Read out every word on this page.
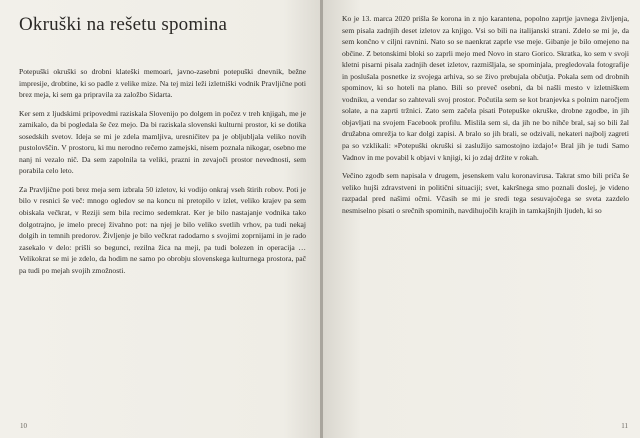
Okruški na rešetu spomina

Potepuški okruški so drobni klateški memoari, javno-zasebni potepuški dnevnik, bežne impresije, drobtine, ki so padle z velike mize. Na tej mizi leži izletniški vodnik Pravljične poti brez meja, ki sem ga pripravila za založbo Sidarta.

Ker sem z ljudskimi pripovedmi raziskala Slovenijo po dolgem in počez v treh knjigah, me je zamikalo, da bi pogledala še čez mejo. Da bi raziskala slovenski kulturni prostor, ki se dotika sosedskih svetov. Ideja se mi je zdela mamljiva, uresničitev pa je obljubljala veliko novih pustolovščin. V prostoru, ki mu nerodno rečemo zamejski, nisem poznala nikogar, osebno me nanj ni vezalo nič. Da sem zapolnila ta veliki, prazni in zevajoči prostor nevednosti, sem porabila celo leto.

Za Pravljične poti brez meja sem izbrala 50 izletov, ki vodijo onkraj vseh štirih robov. Poti je bilo v resnici še več: mnogo ogledov se na koncu ni pretopilo v izlet, veliko krajev pa sem obiskala večkrat, v Reziji sem bila recimo sedemkrat. Ker je bilo nastajanje vodnika tako dolgotrajno, je imelo precej živahno pot: na njej je bilo veliko svetlih vrhov, pa tudi nekaj dolgih in temnih predorov. Življenje je bilo večkrat radodarno s svojimi zoprnijami in je rado zasekalo v delo: prišli so begunci, rezilna žica na meji, pa tudi bolezen in operacija … Velikokrat se mi je zdelo, da hodim ne samo po obrobju slovenskega kulturnega prostora, pač pa tudi po mejah svojih zmožnosti.

10

Ko je 13. marca 2020 prišla še korona in z njo karantena, popolno zaprtje javnega življenja, sem pisala zadnjih deset izletov za knjigo. Vsi so bili na italijanski strani. Zdelo se mi je, da sem končno v ciljni ravnini. Nato so se naenkrat zaprle vse meje. Gibanje je bilo omejeno na občine. Z betonskimi bloki so zaprli mejo med Novo in staro Gorico. Skratka, ko sem v svoji kletni pisarni pisala zadnjih deset izletov, razmišljala, se spominjala, pregledovala fotografije in poslušala posnetke iz svojega arhiva, so se živo prebujala občutja. Pokala sem od drobnih spominov, ki so hoteli na plano. Bili so preveč osebni, da bi našli mesto v izletniškem vodniku, a vendar so zahtevali svoj prostor. Počutila sem se kot branjevka s polnim naročjem solate, a na zaprti tržnici. Zato sem začela pisati Potepuške okruške, drobne zgodbe, in jih objavljati na svojem Facebook profilu. Mislila sem si, da jih ne bo nihče bral, saj so bili žal družabna omrežja to kar dolgi zapisi. A bralo so jih brali, se odzivali, nekateri najbolj zagreti pa so vzklikali: »Potepuški okruški si zaslužijo samostojno izdajo!« Bral jih je tudi Samo Vadnov in me povabil k objavi v knjigi, ki jo zdaj držite v rokah.

Večino zgodb sem napisala v drugem, jesenskem valu koronavirusa. Takrat smo bili priča še veliko hujši zdravstveni in politični situaciji; svet, kakršnega smo poznali doslej, je videno razpadal pred našimi očmi. Včasih se mi je sredi tega sesuvajočega se sveta zazdelo nesmiselno pisati o srečnih spominih, navdihujočih krajih in tamkajšnjih ljudeh, ki so

11
